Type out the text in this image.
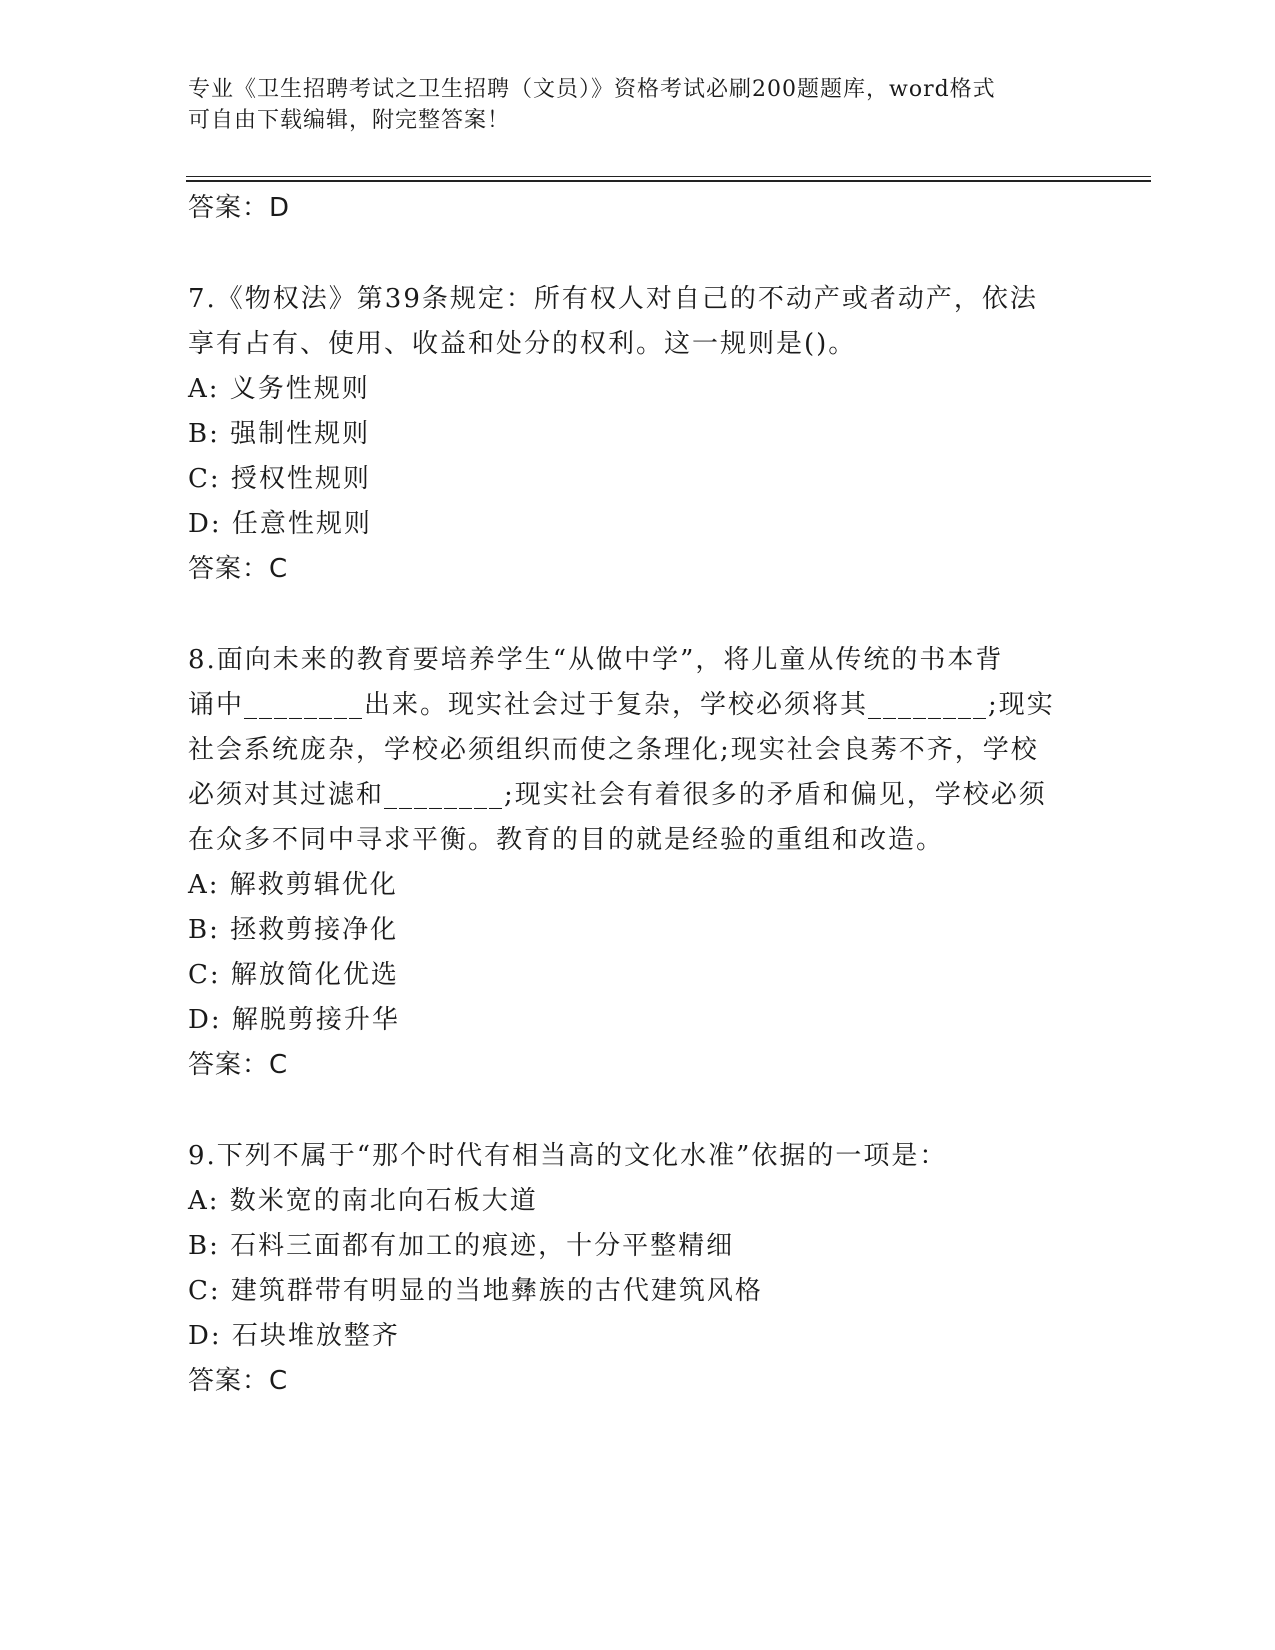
专业《卫生招聘考试之卫生招聘（文员）》资格考试必刷200题题库，word格式
可自由下载编辑，附完整答案！
答案：D
7.《物权法》第39条规定：所有权人对自己的不动产或者动产，依法
享有占有、使用、收益和处分的权利。这一规则是()。
A: 义务性规则
B: 强制性规则
C: 授权性规则
D: 任意性规则
答案：C
8.面向未来的教育要培养学生“从做中学”，将儿童从传统的书本背
诵中________出来。现实社会过于复杂，学校必须将其________;现实
社会系统庞杂，学校必须组织而使之条理化;现实社会良莠不齐，学校
必须对其过滤和________;现实社会有着很多的矛盾和偏见，学校必须
在众多不同中寻求平衡。教育的目的就是经验的重组和改造。
A: 解救剪辑优化
B: 拯救剪接净化
C: 解放简化优选
D: 解脱剪接升华
答案：C
9.下列不属于“那个时代有相当高的文化水准”依据的一项是：
A: 数米宽的南北向石板大道
B: 石料三面都有加工的痕迹，十分平整精细
C: 建筑群带有明显的当地彝族的古代建筑风格
D: 石块堆放整齐
答案：C
